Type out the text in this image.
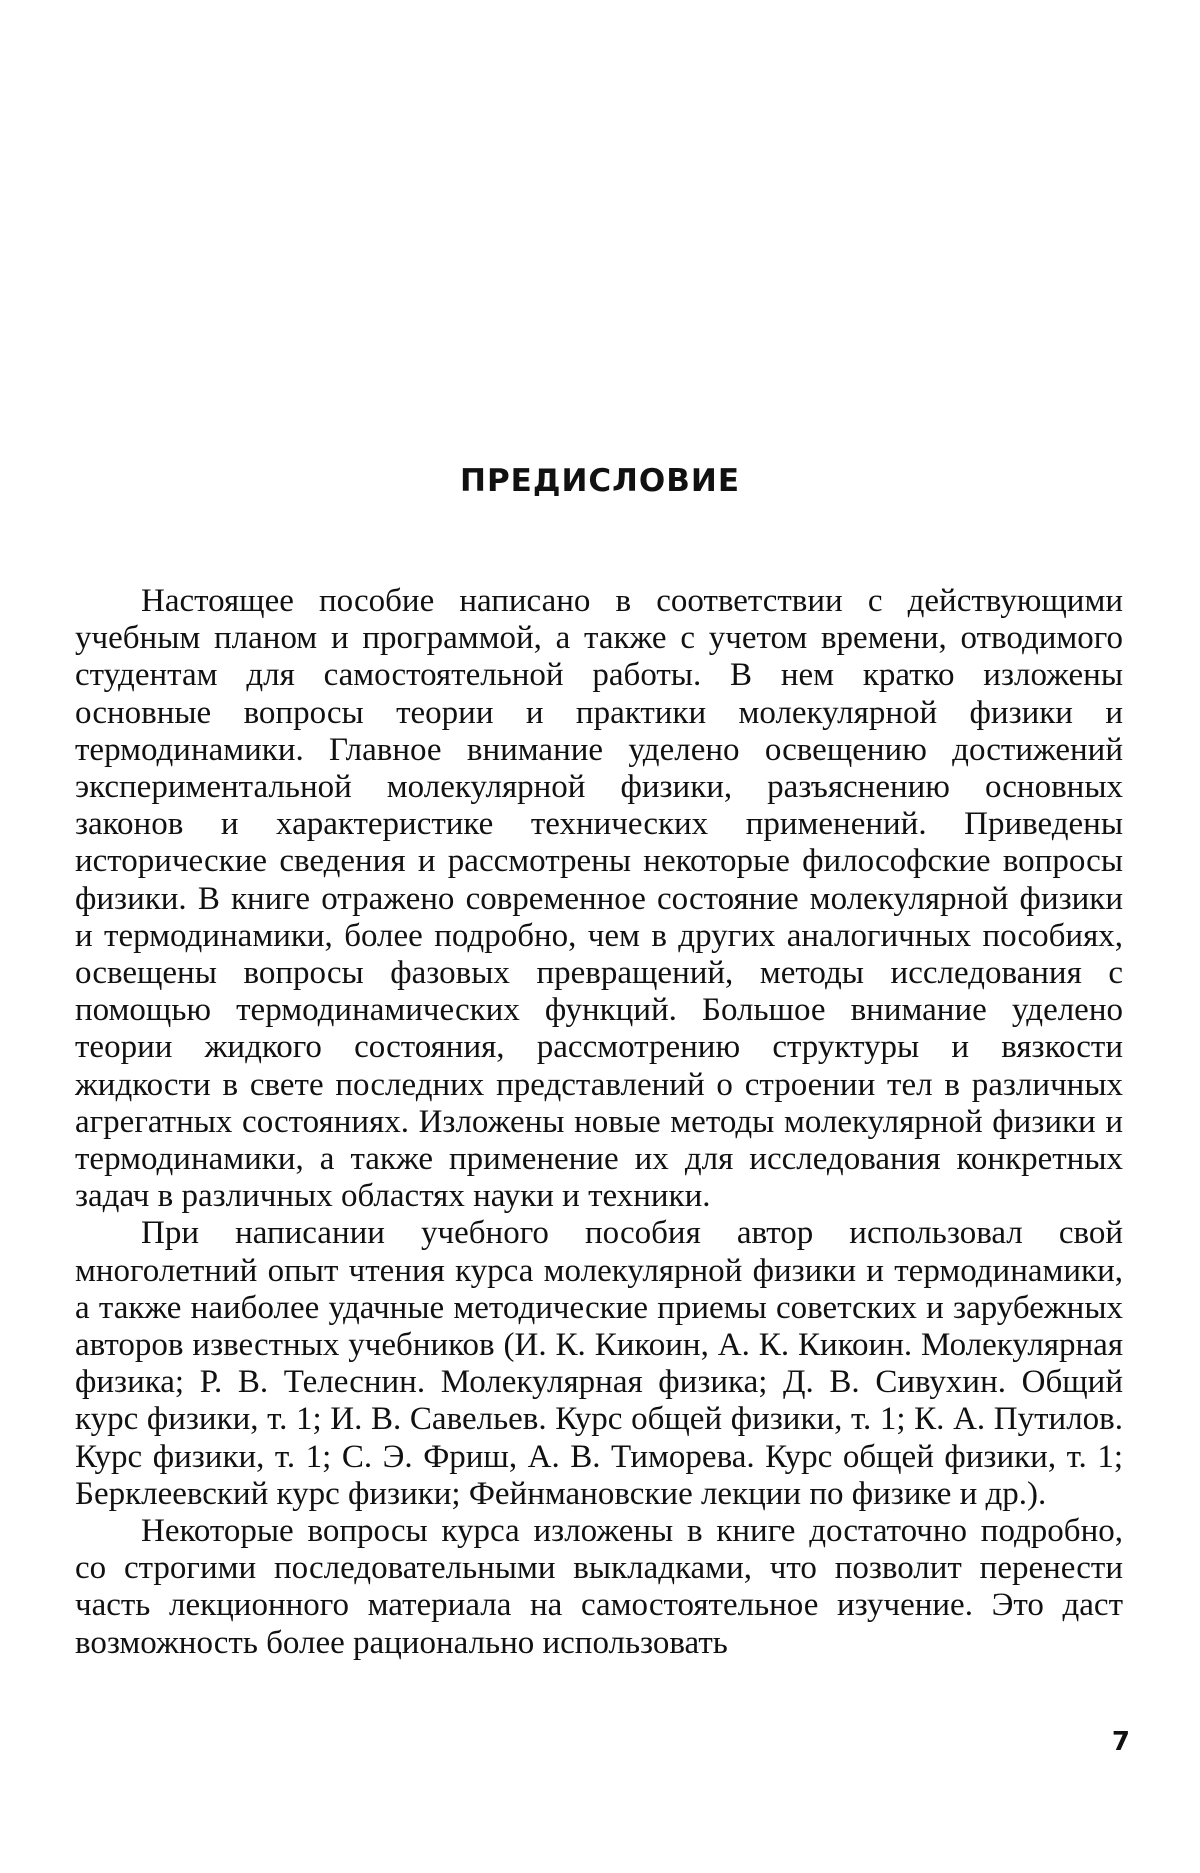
ПРЕДИСЛОВИЕ

Настоящее пособие написано в соответствии с действующими учебным планом и программой, а также с учетом времени, отводимого студентам для самостоятельной работы. В нем кратко изложены основные вопросы теории и практики молекулярной физики и термодинамики. Главное внимание уделено освещению достижений экспериментальной молекулярной физики, разъяснению основных законов и характеристике технических применений. Приведены исторические сведения и рассмотрены некоторые философские вопросы физики. В книге отражено современное состояние молекулярной физики и термодинамики, более подробно, чем в других аналогичных пособиях, освещены вопросы фазовых превращений, методы исследования с помощью термодинамических функций. Большое внимание уделено теории жидкого состояния, рассмотрению структуры и вязкости жидкости в свете последних представлений о строении тел в различных агрегатных состояниях. Изложены новые методы молекулярной физики и термодинамики, а также применение их для исследования конкретных задач в различных областях науки и техники.

При написании учебного пособия автор использовал свой многолетний опыт чтения курса молекулярной физики и термодинамики, а также наиболее удачные методические приемы советских и зарубежных авторов известных учебников (И. К. Кикоин, А. К. Кикоин. Молекулярная физика; Р. В. Телеснин. Молекулярная физика; Д. В. Сивухин. Общий курс физики, т. 1; И. В. Савельев. Курс общей физики, т. 1; К. А. Путилов. Курс физики, т. 1; С. Э. Фриш, А. В. Тиморева. Курс общей физики, т. 1; Берклеевский курс физики; Фейнмановские лекции по физике и др.).

Некоторые вопросы курса изложены в книге достаточно подробно, со строгими последовательными выкладками, что позволит перенести часть лекционного материала на самостоятельное изучение. Это даст возможность более рационально использовать

7
